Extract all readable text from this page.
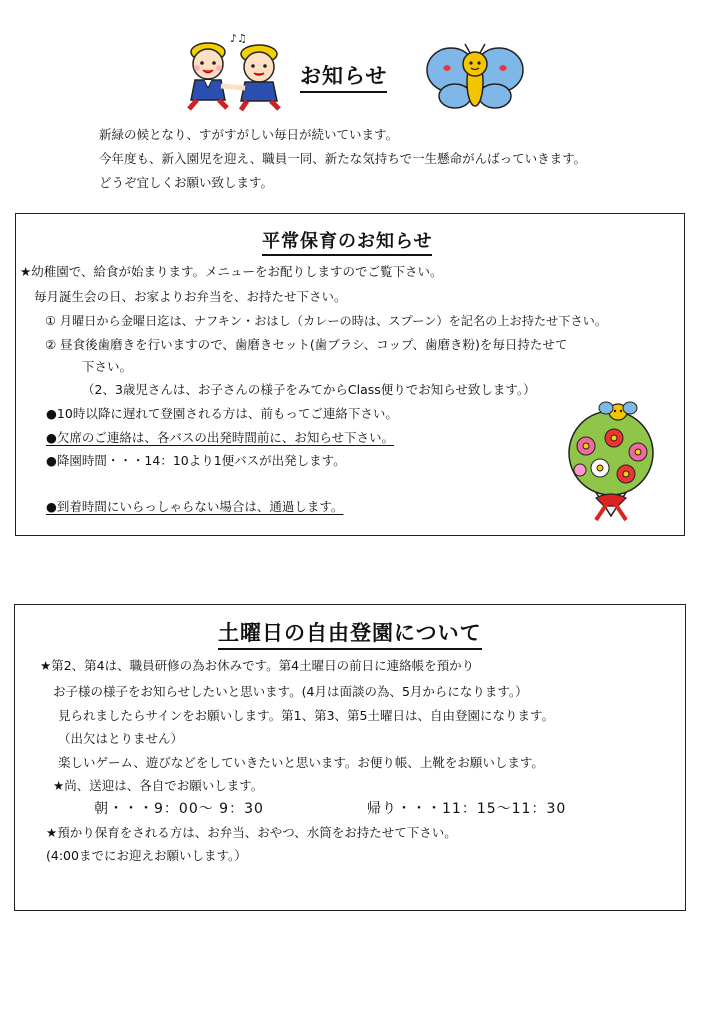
♪♫
お知らせ
新緑の候となり、すがすがしい毎日が続いています。
今年度も、新入園児を迎え、職員一同、新たな気持ちで一生懸命がんばっていきます。
どうぞ宜しくお願い致します。
平常保育のお知らせ
★幼稚園で、給食が始まります。メニューをお配りしますのでご覧下さい。
毎月誕生会の日、お家よりお弁当を、お持たせ下さい。
① 月曜日から金曜日迄は、ナフキン・おはし（カレーの時は、スプーン）を記名の上お持たせ下さい。
② 昼食後歯磨きを行いますので、歯磨きセット(歯ブラシ、コップ、歯磨き粉)を毎日持たせて
下さい。
（2、3歳児さんは、お子さんの様子をみてからClass便りでお知らせ致します。）
●10時以降に遅れて登園される方は、前もってご連絡下さい。
●欠席のご連絡は、各バスの出発時間前に、お知らせ下さい。
●降園時間・・・14：10より1便バスが出発します。
●到着時間にいらっしゃらない場合は、通過します。
土曜日の自由登園について
★第2、第4は、職員研修の為お休みです。第4土曜日の前日に連絡帳を預かり
お子様の様子をお知らせしたいと思います。(4月は面談の為、5月からになります。）
見られましたらサインをお願いします。第1、第3、第5土曜日は、自由登園になります。
（出欠はとりません）
楽しいゲーム、遊びなどをしていきたいと思います。お便り帳、上靴をお願いします。
★尚、送迎は、各自でお願いします。
朝・・・9：00～ 9：30	帰り・・・11：15～11：30
★預かり保育をされる方は、お弁当、おやつ、水筒をお持たせて下さい。
(4:00までにお迎えお願いします。）
